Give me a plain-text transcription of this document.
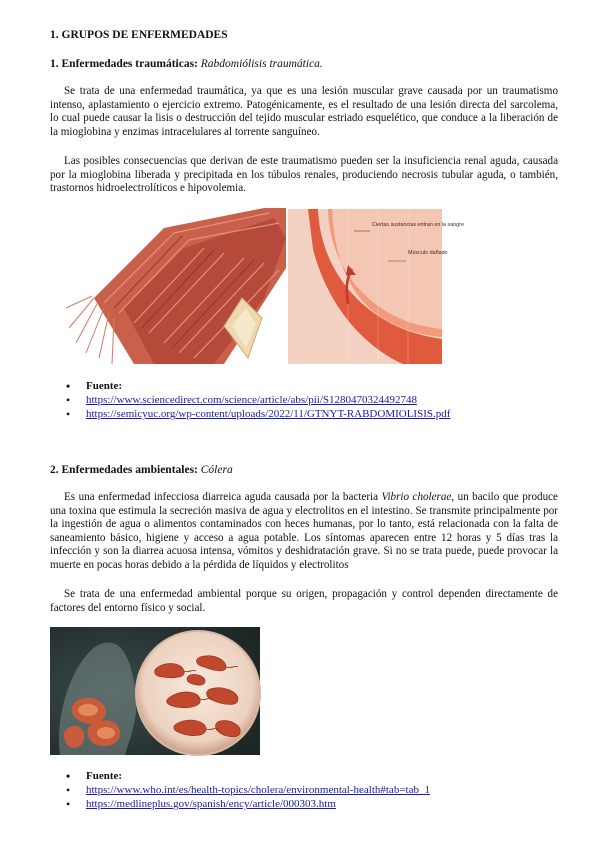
1. GRUPOS DE ENFERMEDADES
1. Enfermedades traumáticas: Rabdomiólisis traumática.
Se trata de una enfermedad traumática, ya que es una lesión muscular grave causada por un traumatismo intenso, aplastamiento o ejercicio extremo. Patogénicamente, es el resultado de una lesión directa del sarcolema, lo cual puede causar la lisis o destrucción del tejido muscular estriado esquelético, que conduce a la liberación de la mioglobina y enzimas intracelulares al torrente sanguíneo.
Las posibles consecuencias que derivan de este traumatismo pueden ser la insuficiencia renal aguda, causada por la mioglobina liberada y precipitada en los túbulos renales, produciendo necrosis tubular aguda, o también, trastornos hidroelectrolíticos e hipovolemia.
Ciertas sustancias entran en la sangre
Músculo dañado
• Fuente:
• https://www.sciencedirect.com/science/article/abs/pii/S1280470324492748
• https://semicyuc.org/wp-content/uploads/2022/11/GTNYT-RABDOMIOLISIS.pdf
2. Enfermedades ambientales: Cólera
Es una enfermedad infecciosa diarreica aguda causada por la bacteria Vibrio cholerae, un bacilo que produce una toxina que estimula la secreción masiva de agua y electrolitos en el intestino. Se transmite principalmente por la ingestión de agua o alimentos contaminados con heces humanas, por lo tanto, está relacionada con la falta de saneamiento básico, higiene y acceso a agua potable. Los síntomas aparecen entre 12 horas y 5 días tras la infección y son la diarrea acuosa intensa, vómitos y deshidratación grave. Si no se trata puede, puede provocar la muerte en pocas horas debido a la pérdida de líquidos y electrolitos
Se trata de una enfermedad ambiental porque su origen, propagación y control dependen directamente de factores del entorno físico y social.
• Fuente:
• https://www.who.int/es/health-topics/cholera/environmental-health#tab=tab_1
• https://medlineplus.gov/spanish/ency/article/000303.htm
